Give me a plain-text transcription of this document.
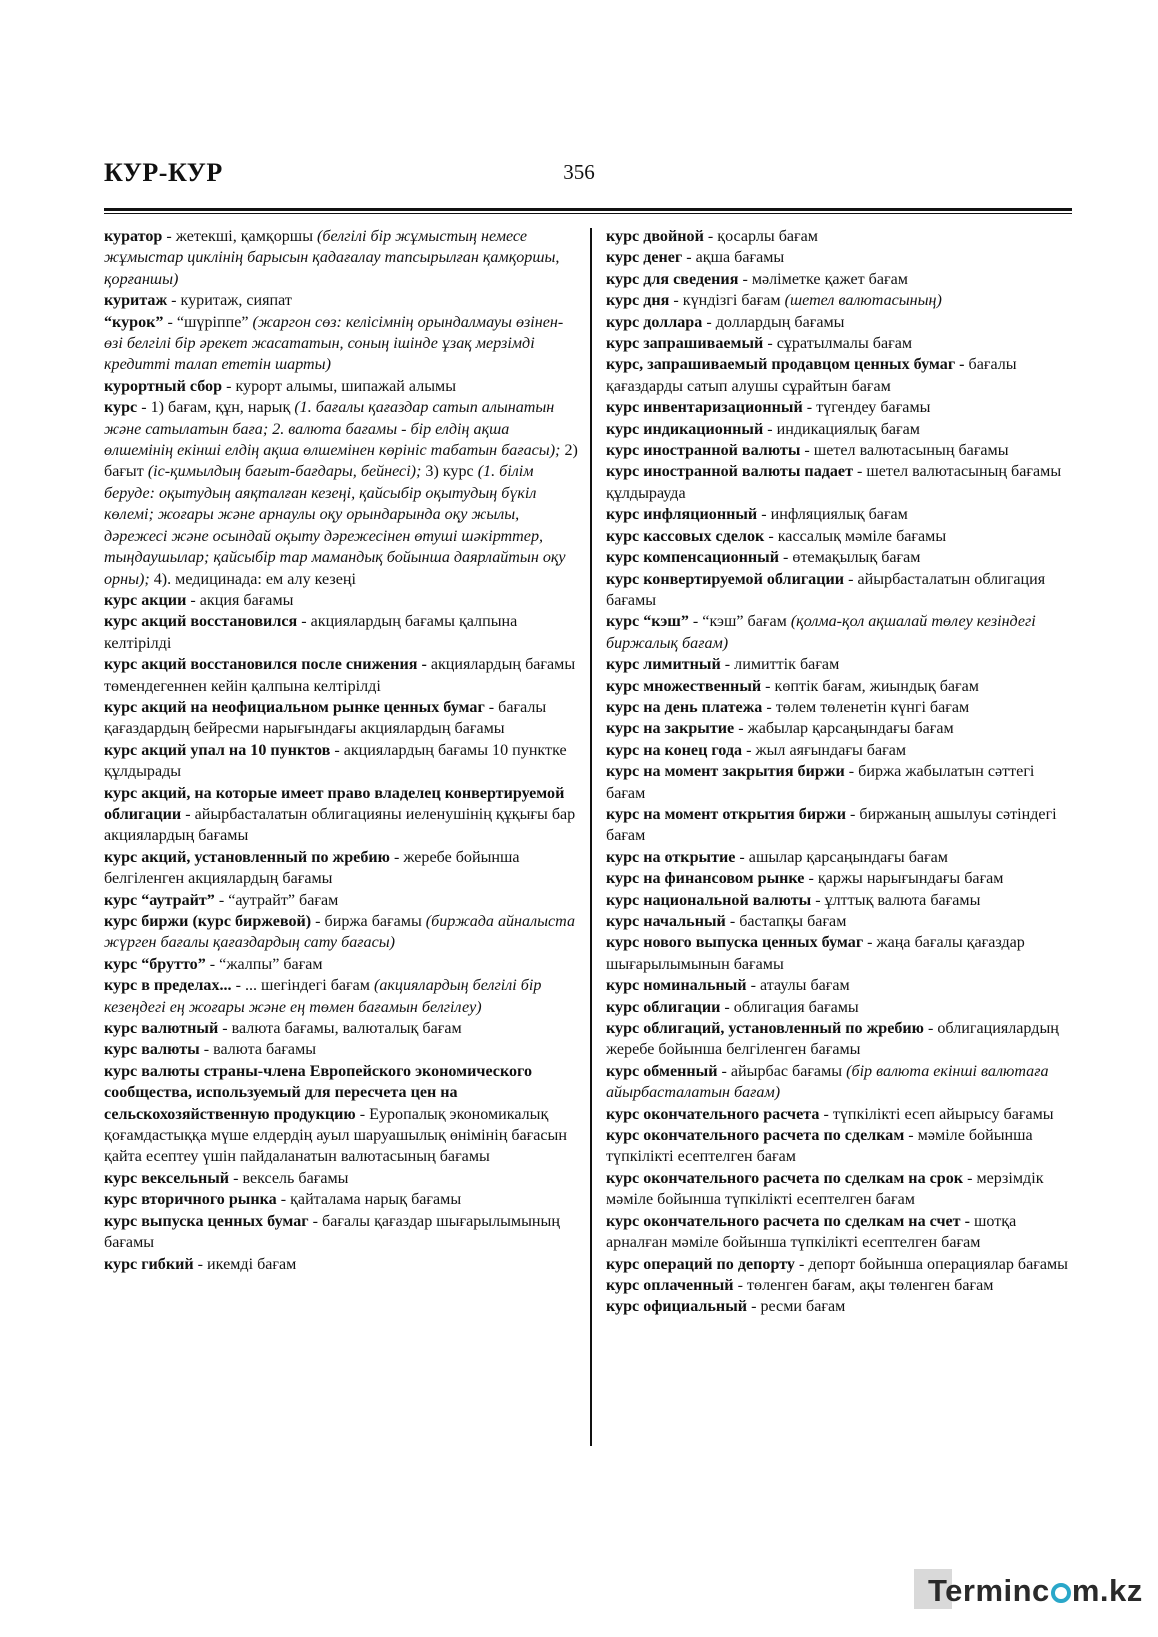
КУР-КУР	356
куратор - жетекші, қамқоршы (белгілі бір жұмыстың немесе жұмыстар циклінің барысын қадағалау тапсырылған қамқоршы, қорғаншы)
куритаж - куритаж, сияпат
“курок” - “шүріппе” (жаргон сөз: келісімнің орындалмауы өзінен-өзі белгілі бір әрекет жасататын, соның ішінде ұзақ мерзімді кредитті талап ететін шарты)
курортный сбор - курорт алымы, шипажай алымы
курс - 1) бағам, құн, нарық (1. бағалы қағаздар сатып алынатын және сатылатын баға; 2. валюта бағамы - бір елдің ақша өлшемінің екінші елдің ақша өлшемінен көрініс табатын бағасы); 2) бағыт (іс-қимылдың бағыт-бағдары, бейнесі); 3) курс (1. білім беруде: оқытудың аяқталған кезеңі, қайсыбір оқытудың бүкіл көлемі; жоғары және арнаулы оқу орындарында оқу жылы, дәрежесі және осындай оқыту дәрежесінен өтуші шәкірттер, тыңдаушылар; қайсыбір тар мамандық бойынша даярлайтын оқу орны); 4). медицинада: ем алу кезеңі
курс акции - акция бағамы
курс акций восстановился - акциялардың бағамы қалпына келтірілді
курс акций восстановился после снижения - акциялардың бағамы төмендегеннен кейін қалпына келтірілді
курс акций на неофициальном рынке ценных бумаг - бағалы қағаздардың бейресми нарығындағы акциялардың бағамы
курс акций упал на 10 пунктов - акциялардың бағамы 10 пунктке құлдырады
курс акций, на которые имеет право владелец конвертируемой облигации - айырбасталатын облигацияны иеленушінің құқығы бар акциялардың бағамы
курс акций, установленный по жребию - жеребе бойынша белгіленген акциялардың бағамы
курс “аутрайт” - “аутрайт” бағам
курс биржи (курс биржевой) - биржа бағамы (биржада айналыста жүрген бағалы қағаздардың сату бағасы)
курс “брутто” - “жалпы” бағам
курс в пределах... - ... шегіндегі бағам (акциялардың белгілі бір кезеңдегі ең жоғары және ең төмен бағамын белгілеу)
курс валютный - валюта бағамы, валюталық бағам
курс валюты - валюта бағамы
курс валюты страны-члена Европейского экономического сообщества, используемый для пересчета цен на сельскохозяйственную продукцию - Еуропалық экономикалық қоғамдастыққа мүше елдердің ауыл шаруашылық өнімінің бағасын қайта есептеу үшін пайдаланатын валютасының бағамы
курс вексельный - вексель бағамы
курс вторичного рынка - қайталама нарық бағамы
курс выпуска ценных бумаг - бағалы қағаздар шығарылымының бағамы
курс гибкий - икемді бағам
курс двойной - қосарлы бағам
курс денег - ақша бағамы
курс для сведения - мәліметке қажет бағам
курс дня - күндізгі бағам (шетел валютасының)
курс доллара - доллардың бағамы
курс запрашиваемый - сұратылмалы бағам
курс, запрашиваемый продавцом ценных бумаг - бағалы қағаздарды сатып алушы сұрайтын бағам
курс инвентаризационный - түгендеу бағамы
курс индикационный - индикациялық бағам
курс иностранной валюты - шетел валютасының бағамы
курс иностранной валюты падает - шетел валютасының бағамы құлдырауда
курс инфляционный - инфляциялық бағам
курс кассовых сделок - кассалық мәміле бағамы
курс компенсационный - өтемақылық бағам
курс конвертируемой облигации - айырбасталатын облигация бағамы
курс “кэш” - “кэш” бағам (қолма-қол ақшалай төлеу кезіндегі биржалық бағам)
курс лимитный - лимиттік бағам
курс множественный - көптік бағам, жиындық бағам
курс на день платежа - төлем төленетін күнгі бағам
курс на закрытие - жабылар қарсаңындағы бағам
курс на конец года - жыл аяғындағы бағам
курс на момент закрытия биржи - биржа жабылатын сәттегі бағам
курс на момент открытия биржи - биржаның ашылуы сәтіндегі бағам
курс на открытие - ашылар қарсаңындағы бағам
курс на финансовом рынке - қаржы нарығындағы бағам
курс национальной валюты - ұлттық валюта бағамы
курс начальный - бастапқы бағам
курс нового выпуска ценных бумаг - жаңа бағалы қағаздар шығарылымынын бағамы
курс номинальный - атаулы бағам
курс облигации - облигация бағамы
курс облигаций, установленный по жребию - облигациялардың жеребе бойынша белгіленген бағамы
курс обменный - айырбас бағамы (бір валюта екінші валютаға айырбасталатын бағам)
курс окончательного расчета - түпкілікті есеп айырысу бағамы
курс окончательного расчета по сделкам - мәміле бойынша түпкілікті есептелген бағам
курс окончательного расчета по сделкам на срок - мерзімдік мәміле бойынша түпкілікті есептелген бағам
курс окончательного расчета по сделкам на счет - шотқа арналған мәміле бойынша түпкілікті есептелген бағам
курс операций по депорту - депорт бойынша операциялар бағамы
курс оплаченный - төленген бағам, ақы төленген бағам
курс официальный - ресми бағам
Terminc m.kz
